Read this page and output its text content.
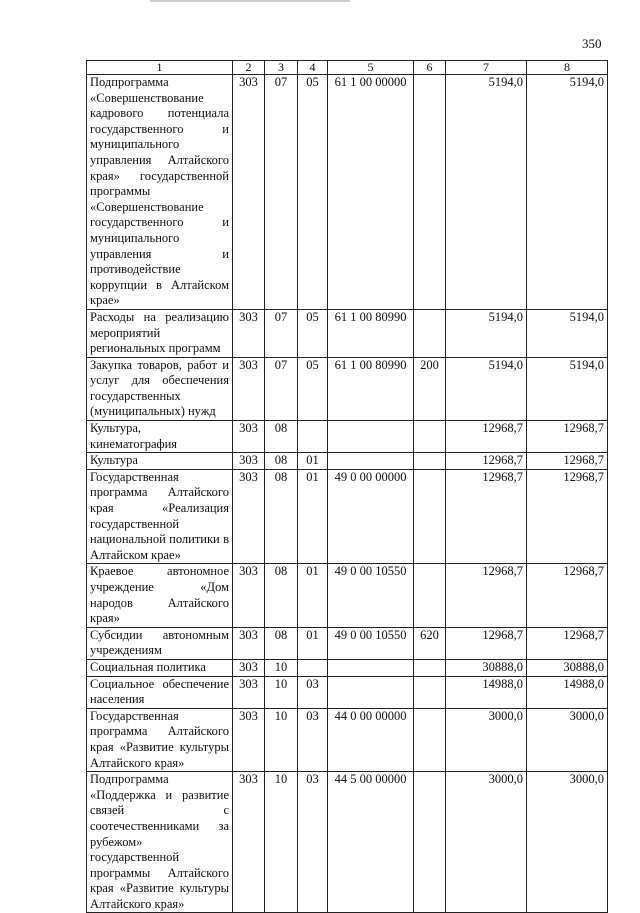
350
1	2	3	4	5	6	7	8
Подпрограмма «Совершенствование кадрового потенциала государственного и муниципального управления Алтайского края» государственной программы «Совершенствование государственного и муниципального управления и противодействие коррупции в Алтайском крае»	303	07	05	61 1 00 00000		5194,0	5194,0
Расходы на реализацию мероприятий региональных программ	303	07	05	61 1 00 80990		5194,0	5194,0
Закупка товаров, работ и услуг для обеспечения государственных (муниципальных) нужд	303	07	05	61 1 00 80990	200	5194,0	5194,0
Культура, кинематография	303	08				12968,7	12968,7
Культура	303	08	01			12968,7	12968,7
Государственная программа Алтайского края «Реализация государственной национальной политики в Алтайском крае»	303	08	01	49 0 00 00000		12968,7	12968,7
Краевое автономное учреждение «Дом народов Алтайского края»	303	08	01	49 0 00 10550		12968,7	12968,7
Субсидии автономным учреждениям	303	08	01	49 0 00 10550	620	12968,7	12968,7
Социальная политика	303	10				30888,0	30888,0
Социальное обеспечение населения	303	10	03			14988,0	14988,0
Государственная программа Алтайского края «Развитие культуры Алтайского края»	303	10	03	44 0 00 00000		3000,0	3000,0
Подпрограмма «Поддержка и развитие связей с соотечественниками за рубежом» государственной программы Алтайского края «Развитие культуры Алтайского края»	303	10	03	44 5 00 00000		3000,0	3000,0
